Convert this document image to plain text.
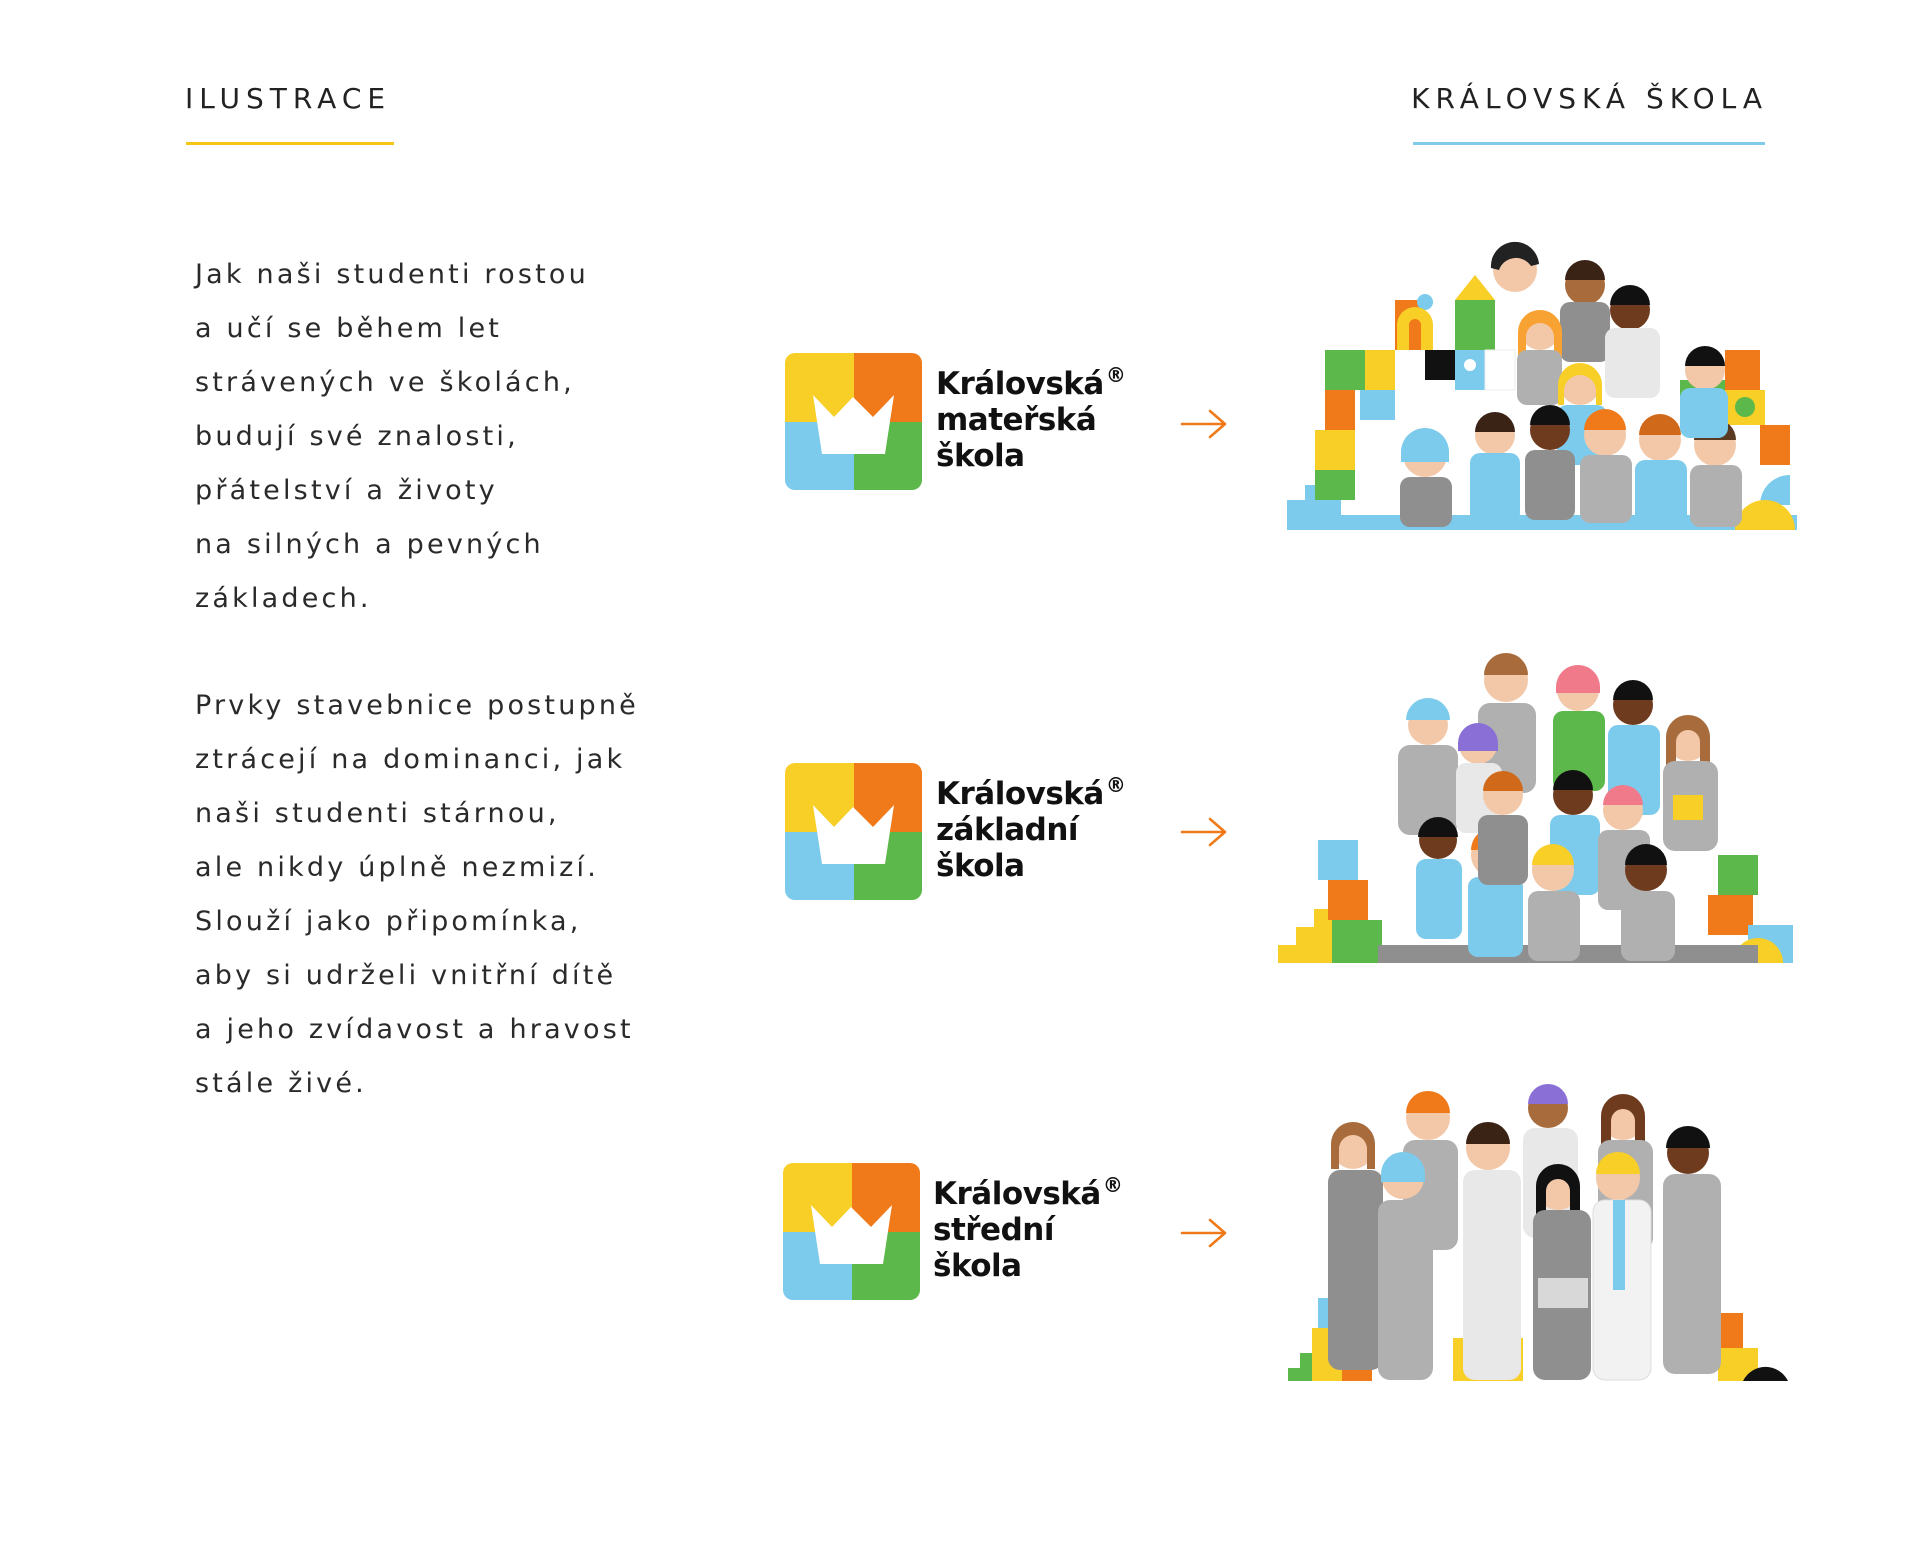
ILUSTRACE	KRÁLOVSKÁ ŠKOLA

Jak naši studenti rostou
a učí se během let
strávených ve školách,
budují své znalosti,
přátelství a životy
na silných a pevných
základech.

Prvky stavebnice postupně
ztrácejí na dominanci, jak
naši studenti stárnou,
ale nikdy úplně nezmizí.
Slouží jako připomínka,
aby si udrželi vnitřní dítě
a jeho zvídavost a hravost
stále živé.

Královská ®
mateřská
škola
Královská ®
základní
škola
Královská ®
střední
škola
